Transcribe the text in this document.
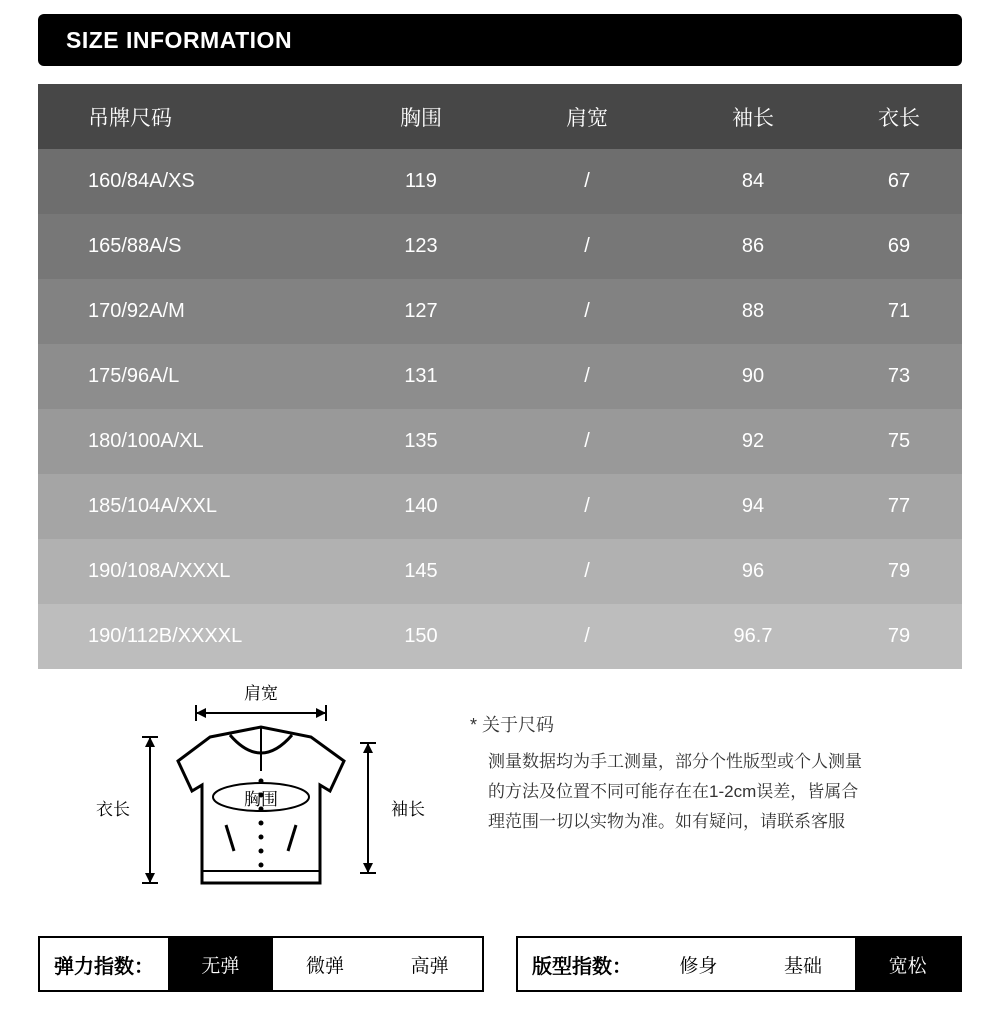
SIZE INFORMATION
吊牌尺码	胸围	肩宽	袖长	衣长
160/84A/XS	119	/	84	67
165/88A/S	123	/	86	69
170/92A/M	127	/	88	71
175/96A/L	131	/	90	73
180/100A/XL	135	/	92	75
185/104A/XXL	140	/	94	77
190/108A/XXXL	145	/	96	79
190/112B/XXXXL	150	/	96.7	79
肩宽
胸围
袖长
衣长
* 关于尺码
测量数据均为手工测量，部分个性版型或个人测量
的方法及位置不同可能存在在1-2cm误差，皆属合
理范围一切以实物为准。如有疑问，请联系客服
弹力指数：	无弹	微弹	高弹	版型指数：	修身	基础	宽松
